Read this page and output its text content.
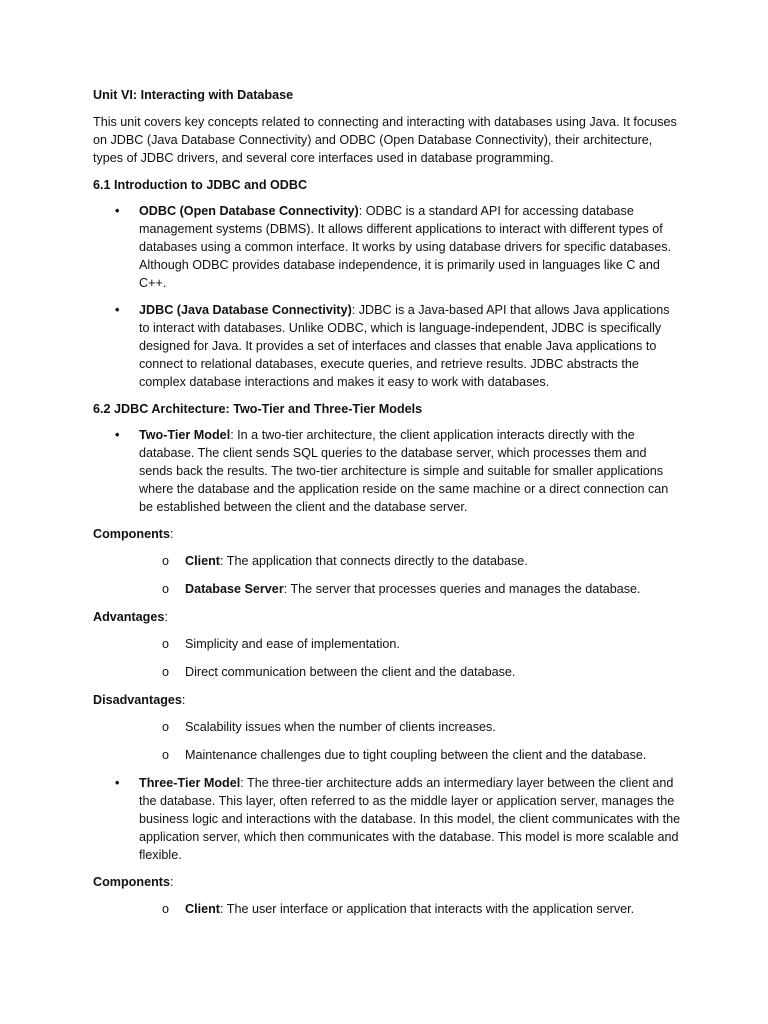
Unit VI: Interacting with Database

This unit covers key concepts related to connecting and interacting with databases using Java. It focuses on JDBC (Java Database Connectivity) and ODBC (Open Database Connectivity), their architecture, types of JDBC drivers, and several core interfaces used in database programming.

6.1 Introduction to JDBC and ODBC

• ODBC (Open Database Connectivity): ODBC is a standard API for accessing database management systems (DBMS). It allows different applications to interact with different types of databases using a common interface. It works by using database drivers for specific databases. Although ODBC provides database independence, it is primarily used in languages like C and C++.
• JDBC (Java Database Connectivity): JDBC is a Java-based API that allows Java applications to interact with databases. Unlike ODBC, which is language-independent, JDBC is specifically designed for Java. It provides a set of interfaces and classes that enable Java applications to connect to relational databases, execute queries, and retrieve results. JDBC abstracts the complex database interactions and makes it easy to work with databases.

6.2 JDBC Architecture: Two-Tier and Three-Tier Models

• Two-Tier Model: In a two-tier architecture, the client application interacts directly with the database. The client sends SQL queries to the database server, which processes them and sends back the results. The two-tier architecture is simple and suitable for smaller applications where the database and the application reside on the same machine or a direct connection can be established between the client and the database server.

Components:

o Client: The application that connects directly to the database.
o Database Server: The server that processes queries and manages the database.

Advantages:

o Simplicity and ease of implementation.
o Direct communication between the client and the database.

Disadvantages:

o Scalability issues when the number of clients increases.
o Maintenance challenges due to tight coupling between the client and the database.
• Three-Tier Model: The three-tier architecture adds an intermediary layer between the client and the database. This layer, often referred to as the middle layer or application server, manages the business logic and interactions with the database. In this model, the client communicates with the application server, which then communicates with the database. This model is more scalable and flexible.

Components:

o Client: The user interface or application that interacts with the application server.
